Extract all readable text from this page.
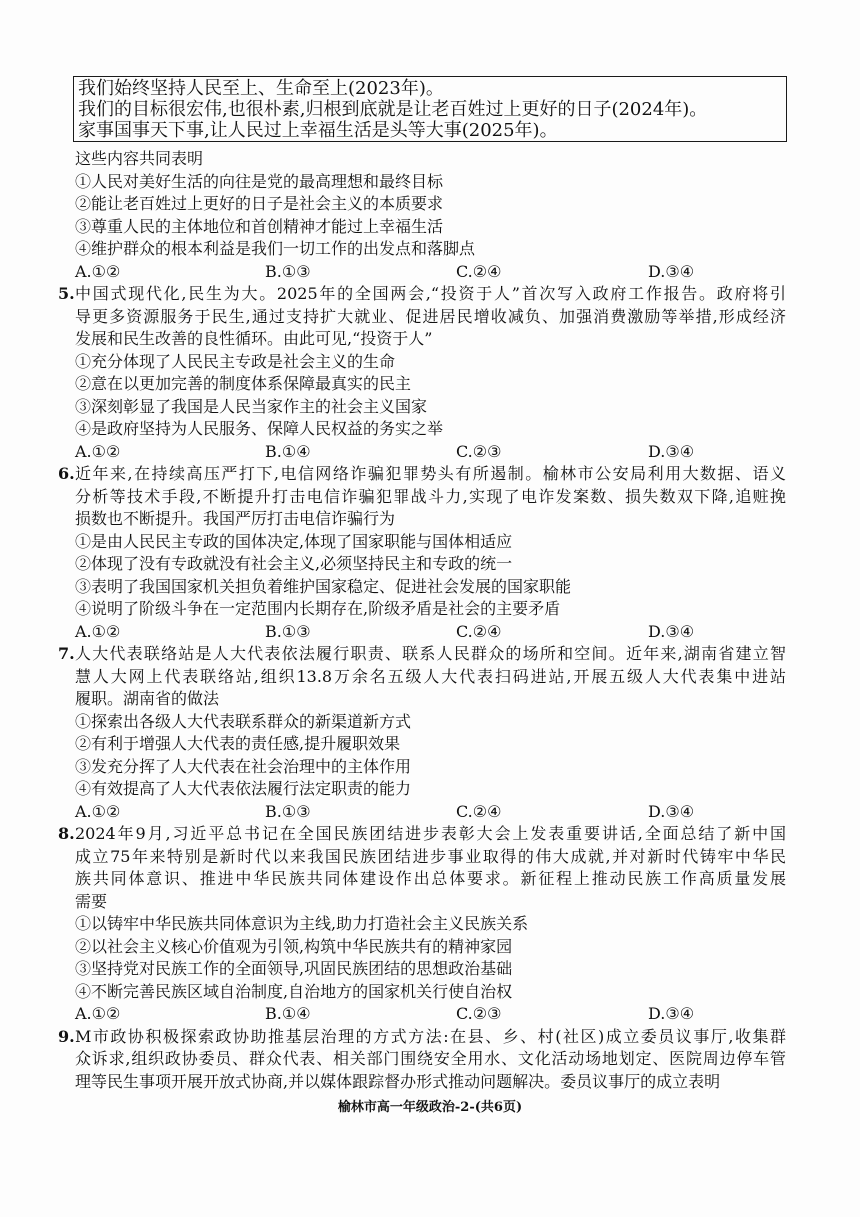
我们始终坚持人民至上、生命至上(2023年)。
我们的目标很宏伟,也很朴素,归根到底就是让老百姓过上更好的日子(2024年)。
家事国事天下事,让人民过上幸福生活是头等大事(2025年)。
这些内容共同表明
①人民对美好生活的向往是党的最高理想和最终目标
②能让老百姓过上更好的日子是社会主义的本质要求
③尊重人民的主体地位和首创精神才能过上幸福生活
④维护群众的根本利益是我们一切工作的出发点和落脚点
A.①②	B.①③	C.②④	D.③④
5. 中国式现代化,民生为大。2025年的全国两会,“投资于人”首次写入政府工作报告。政府将引
导更多资源服务于民生,通过支持扩大就业、促进居民增收减负、加强消费激励等举措,形成经济
发展和民生改善的良性循环。由此可见,“投资于人”
①充分体现了人民民主专政是社会主义的生命
②意在以更加完善的制度体系保障最真实的民主
③深刻彰显了我国是人民当家作主的社会主义国家
④是政府坚持为人民服务、保障人民权益的务实之举
A.①②	B.①④	C.②③	D.③④
6. 近年来,在持续高压严打下,电信网络诈骗犯罪势头有所遏制。榆林市公安局利用大数据、语义
分析等技术手段,不断提升打击电信诈骗犯罪战斗力,实现了电诈发案数、损失数双下降,追赃挽
损数也不断提升。我国严厉打击电信诈骗行为
①是由人民民主专政的国体决定,体现了国家职能与国体相适应
②体现了没有专政就没有社会主义,必须坚持民主和专政的统一
③表明了我国国家机关担负着维护国家稳定、促进社会发展的国家职能
④说明了阶级斗争在一定范围内长期存在,阶级矛盾是社会的主要矛盾
A.①②	B.①③	C.②④	D.③④
7. 人大代表联络站是人大代表依法履行职责、联系人民群众的场所和空间。近年来,湖南省建立智
慧人大网上代表联络站,组织13.8万余名五级人大代表扫码进站,开展五级人大代表集中进站
履职。湖南省的做法
①探索出各级人大代表联系群众的新渠道新方式
②有利于增强人大代表的责任感,提升履职效果
③发充分挥了人大代表在社会治理中的主体作用
④有效提高了人大代表依法履行法定职责的能力
A.①②	B.①③	C.②④	D.③④
8. 2024年9月,习近平总书记在全国民族团结进步表彰大会上发表重要讲话,全面总结了新中国
成立75年来特别是新时代以来我国民族团结进步事业取得的伟大成就,并对新时代铸牢中华民
族共同体意识、推进中华民族共同体建设作出总体要求。新征程上推动民族工作高质量发展
需要
①以铸牢中华民族共同体意识为主线,助力打造社会主义民族关系
②以社会主义核心价值观为引领,构筑中华民族共有的精神家园
③坚持党对民族工作的全面领导,巩固民族团结的思想政治基础
④不断完善民族区域自治制度,自治地方的国家机关行使自治权
A.①②	B.①④	C.②③	D.③④
9. M市政协积极探索政协助推基层治理的方式方法:在县、乡、村(社区)成立委员议事厅,收集群
众诉求,组织政协委员、群众代表、相关部门围绕安全用水、文化活动场地划定、医院周边停车管
理等民生事项开展开放式协商,并以媒体跟踪督办形式推动问题解决。委员议事厅的成立表明
榆林市高一年级政治-2-(共6页)
